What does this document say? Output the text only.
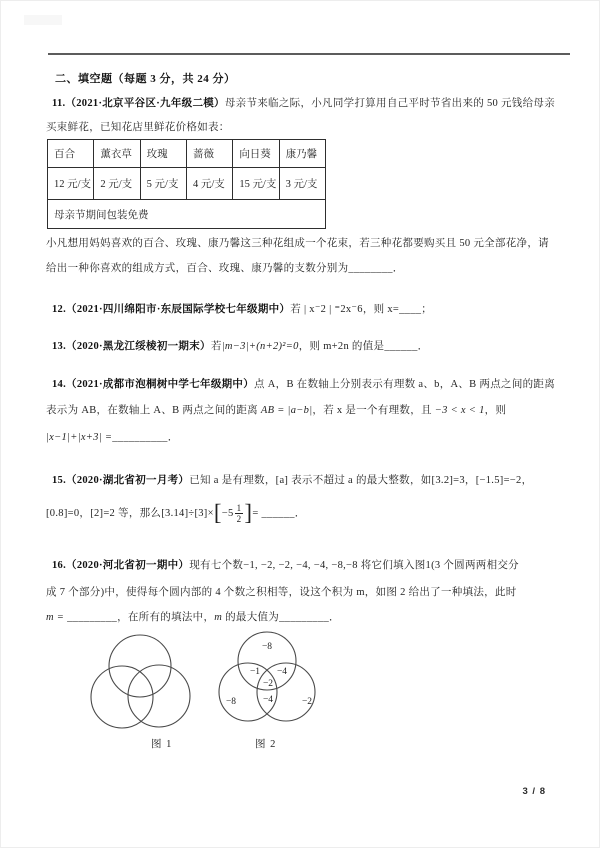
二、填空题（每题 3 分，共 24 分）
11.（2021·北京平谷区·九年级二模）母亲节来临之际，小凡同学打算用自己平时节省出来的 50 元钱给母亲
买束鲜花，已知花店里鲜花价格如表：
百合	薰衣草	玫瑰	蔷薇	向日葵	康乃馨
12 元/支	2 元/支	5 元/支	4 元/支	15 元/支	3 元/支
母亲节期间包装免费					
小凡想用妈妈喜欢的百合、玫瑰、康乃馨这三种花组成一个花束，若三种花都要购买且 50 元全部花净，请
给出一种你喜欢的组成方式，百合、玫瑰、康乃馨的支数分别为________．
12.（2021·四川绵阳市·东辰国际学校七年级期中）若 | x⁻2 | ⁼2x⁻6，则 x=____；
13.（2020·黑龙江绥棱初一期末）若|m−3|+(n+2)²=0，则 m+2n 的值是______．
14.（2021·成都市泡桐树中学七年级期中）点 A，B 在数轴上分别表示有理数 a、b，A、B 两点之间的距离
表示为 AB，在数轴上 A、B 两点之间的距离 AB = |a−b|，若 x 是一个有理数，且 −3 < x < 1，则
|x−1|+|x+3| =__________．
15.（2020·湖北省初一月考）已知 a 是有理数，[a] 表示不超过 a 的最大整数，如[3.2]=3，[−1.5]=−2，
[0.8]=0，[2]=2 等，那么[3.14]÷[3]× [ $-5 \frac{1}{2}$ ] = ______．
16.（2020·河北省初一期中）现有七个数−1, −2, −2, −4, −4, −8,−8 将它们填入图1(3 个圆两两相交分
成 7 个部分)中，使得每个圆内部的 4 个数之积相等，设这个积为 m，如图 2 给出了一种填法，此时
m = _________，在所有的填法中，m 的最大值为_________．
图 1
−8
−1 −4
−2
−8	−4	−2
图 2
3 / 8
